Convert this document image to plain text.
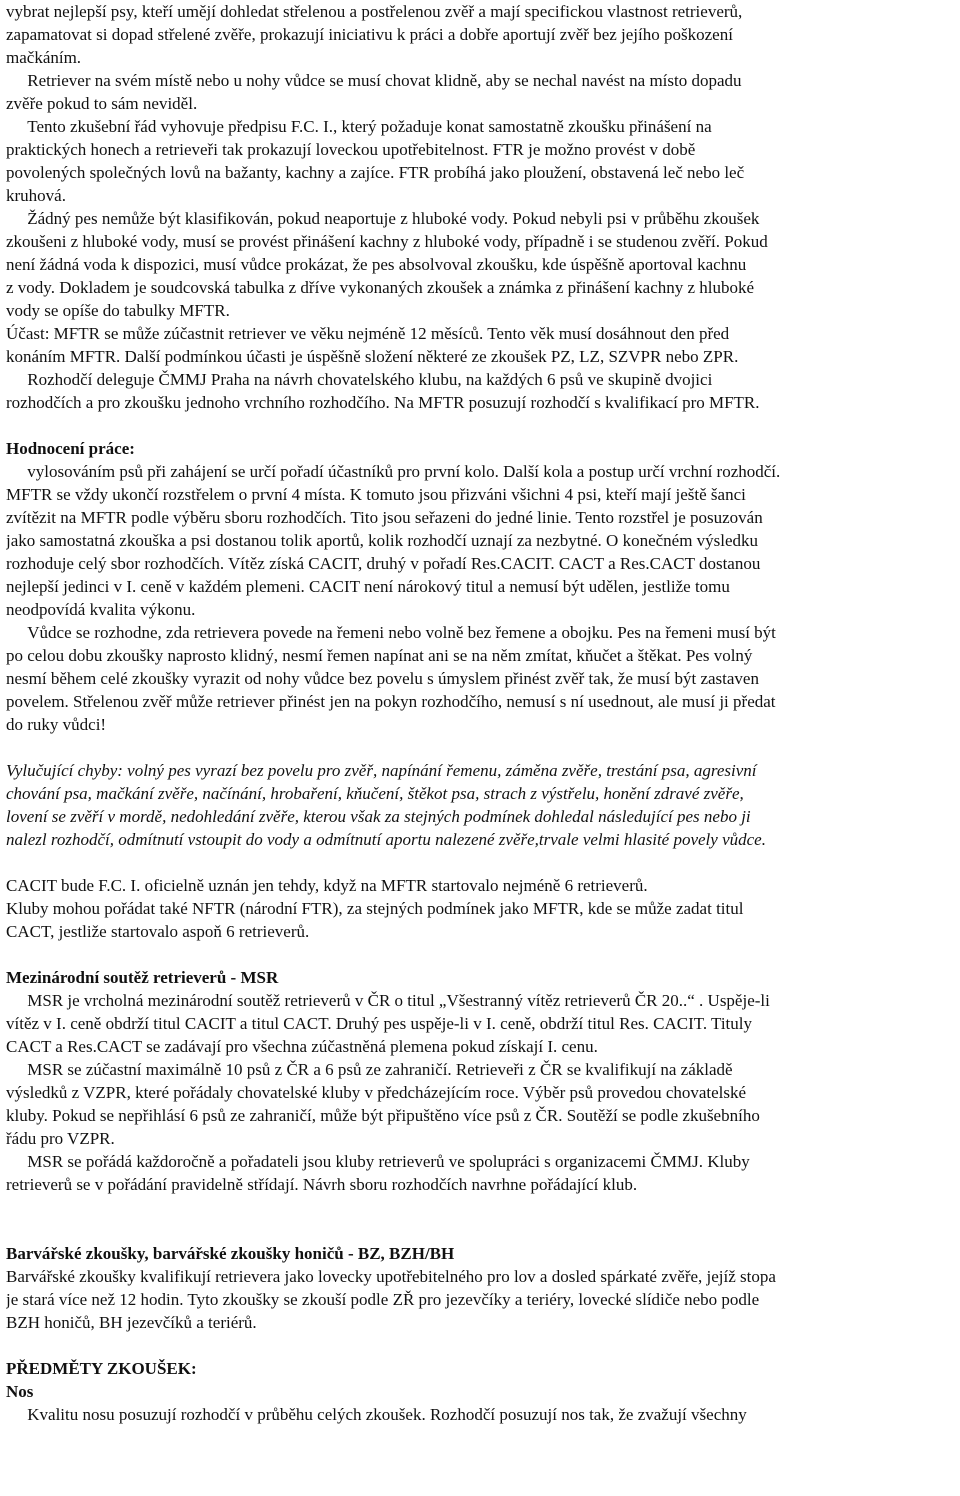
vybrat nejlepší psy, kteří umějí dohledat střelenou a postřelenou zvěř a mají specifickou vlastnost retrieverů,
zapamatovat si dopad střelené zvěře, prokazují iniciativu k práci a dobře aportují zvěř bez jejího poškození
mačkáním.
Retriever na svém místě nebo u nohy vůdce se musí chovat klidně, aby se nechal navést na místo dopadu
zvěře pokud to sám neviděl.
Tento zkušební řád vyhovuje předpisu F.C. I., který požaduje konat samostatně zkoušku přinášení na
praktických honech a retrieveři tak prokazují loveckou upotřebitelnost. FTR je možno provést v době
povolených společných lovů na bažanty, kachny a zajíce. FTR probíhá jako ploužení, obstavená leč nebo leč
kruhová.
Žádný pes nemůže být klasifikován, pokud neaportuje z hluboké vody. Pokud nebyli psi v průběhu zkoušek
zkoušeni z hluboké vody, musí se provést přinášení kachny z hluboké vody, případně i se studenou zvěří. Pokud
není žádná voda k dispozici, musí vůdce prokázat, že pes absolvoval zkoušku, kde úspěšně aportoval kachnu
z vody. Dokladem je soudcovská tabulka z dříve vykonaných zkoušek a známka z přinášení kachny z hluboké
vody se opíše do tabulky MFTR.
Účast: MFTR se může zúčastnit retriever ve věku nejméně 12 měsíců. Tento věk musí dosáhnout den před
konáním MFTR. Další podmínkou účasti je úspěšně složení některé ze zkoušek PZ, LZ, SZVPR nebo ZPR.
Rozhodčí deleguje ČMMJ Praha na návrh chovatelského klubu, na každých 6 psů ve skupině dvojici
rozhodčích a pro zkoušku jednoho vrchního rozhodčího. Na MFTR posuzují rozhodčí s kvalifikací pro MFTR.
Hodnocení práce:
vylosováním psů při zahájení se určí pořadí účastníků pro první kolo. Další kola a postup určí vrchní rozhodčí.
MFTR se vždy ukončí rozstřelem o první 4 místa. K tomuto jsou přizváni všichni 4 psi, kteří mají ještě šanci
zvítězit na MFTR podle výběru sboru rozhodčích. Tito jsou seřazeni do jedné linie. Tento rozstřel je posuzován
jako samostatná zkouška a psi dostanou tolik aportů, kolik rozhodčí uznají za nezbytné. O konečném výsledku
rozhoduje celý sbor rozhodčích. Vítěz získá CACIT, druhý v pořadí Res.CACIT. CACT a Res.CACT dostanou
nejlepší jedinci v I. ceně v každém plemeni. CACIT není nárokový titul a nemusí být udělen, jestliže tomu
neodpovídá kvalita výkonu.
Vůdce se rozhodne, zda retrievera povede na řemeni nebo volně bez řemene a obojku. Pes na řemeni musí být
po celou dobu zkoušky naprosto klidný, nesmí řemen napínat ani se na něm zmítat, kňučet a štěkat. Pes volný
nesmí během celé zkoušky vyrazit od nohy vůdce bez povelu s úmyslem přinést zvěř tak, že musí být zastaven
povelem. Střelenou zvěř může retriever přinést jen na pokyn rozhodčího, nemusí s ní usednout, ale musí ji předat
do ruky vůdci!
Vylučující chyby: volný pes vyrazí bez povelu pro zvěř, napínání řemenu, záměna zvěře, trestání psa, agresivní
chování psa, mačkání zvěře, načínání, hrobaření, kňučení, štěkot psa, strach z výstřelu, honění zdravé zvěře,
lovení se zvěří v mordě, nedohledání zvěře, kterou však za stejných podmínek dohledal následující pes nebo ji
nalezl rozhodčí, odmítnutí vstoupit do vody a odmítnutí aportu nalezené zvěře,trvale velmi hlasité povely vůdce.
CACIT bude F.C. I. oficielně uznán jen tehdy, když na MFTR startovalo nejméně 6 retrieverů.
Kluby mohou pořádat také NFTR (národní FTR), za stejných podmínek jako MFTR, kde se může zadat titul
CACT, jestliže startovalo aspoň 6 retrieverů.
Mezinárodní soutěž retrieverů - MSR
MSR je vrcholná mezinárodní soutěž retrieverů v ČR o titul „Všestranný vítěz retrieverů ČR 20..“ . Uspěje-li
vítěz v I. ceně obdrží titul CACIT a titul CACT. Druhý pes uspěje-li v I. ceně, obdrží titul Res. CACIT. Tituly
CACT a Res.CACT se zadávají pro všechna zúčastněná plemena pokud získají I. cenu.
MSR se zúčastní maximálně 10 psů z ČR a 6 psů ze zahraničí. Retrieveři z ČR se kvalifikují na základě
výsledků z VZPR, které pořádaly chovatelské kluby v předcházejícím roce. Výběr psů provedou chovatelské
kluby. Pokud se nepřihlásí 6 psů ze zahraničí, může být připuštěno více psů z ČR. Soutěží se podle zkušebního
řádu pro VZPR.
MSR se pořádá každoročně a pořadateli jsou kluby retrieverů ve spolupráci s organizacemi ČMMJ. Kluby
retrieverů se v pořádání pravidelně střídají. Návrh sboru rozhodčích navrhne pořádající klub.
Barvářské zkoušky, barvářské zkoušky honičů - BZ, BZH/BH
Barvářské zkoušky kvalifikují retrievera jako lovecky upotřebitelného pro lov a dosled spárkaté zvěře, jejíž stopa
je stará více než 12 hodin. Tyto zkoušky se zkouší podle ZŘ pro jezevčíky a teriéry, lovecké slídiče nebo podle
BZH honičů, BH jezevčíků a teriérů.
PŘEDMĚTY ZKOUŠEK:
Nos
Kvalitu nosu posuzují rozhodčí v průběhu celých zkoušek. Rozhodčí posuzují nos tak, že zvažují všechny
